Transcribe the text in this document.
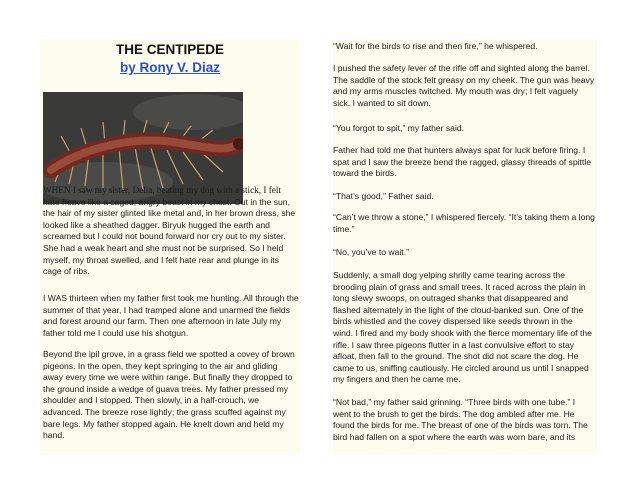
THE CENTIPEDE
by Rony V. Diaz

WHEN I saw my sister, Delia, beating my dog with a stick, I felt hate heave like a caged, angry beast in my chest. Out in the sun, the hair of my sister glinted like metal and, in her brown dress, she looked like a sheathed dagger. Biryuk hugged the earth and screamed but I could not bound forward nor cry out to my sister. She had a weak heart and she must not be surprised. So I held myself, my throat swelled, and I felt hate rear and plunge in its cage of ribs.

I WAS thirteen when my father first took me hunting. All through the summer of that year, I had tramped alone and unarmed the fields and forest around our farm. Then one afternoon in late July my father told me I could use his shotgun.

Beyond the ipil grove, in a grass field we spotted a covey of brown pigeons. In the open, they kept springing to the air and gliding away every time we were within range. But finally they dropped to the ground inside a wedge of guava trees. My father pressed my shoulder and I stopped. Then slowly, in a half-crouch, we advanced. The breeze rose lightly; the grass scuffed against my bare legs. My father stopped again. He knelt down and held my hand.

“Wait for the birds to rise and then fire,” he whispered.

I pushed the safety lever of the rifle off and sighted along the barrel. The saddle of the stock felt greasy on my cheek. The gun was heavy and my arms muscles twitched. My mouth was dry; I felt vaguely sick. I wanted to sit down.

“You forgot to spit,” my father said.

Father had told me that hunters always spat for luck before firing. I spat and I saw the breeze bend the ragged, glassy threads of spittle toward the birds.

“That’s good,” Father said.

“Can’t we throw a stone,” I whispered fiercely. “It’s taking them a long time.”

“No, you’ve to wait.”

Suddenly, a small dog yelping shrilly came tearing across the brooding plain of grass and small trees. It raced across the plain in long slewy swoops, on outraged shanks that disappeared and flashed alternately in the light of the cloud-banked sun. One of the birds whistled and the covey dispersed like seeds thrown in the wind. I fired and my body shook with the fierce momentary life of the rifle. I saw three pigeons flutter in a last convulsive effort to stay afloat, then fall to the ground. The shot did not scare the dog. He came to us, sniffing cautiously. He circled around us until I snapped my fingers and then he came me.

“Not bad,” my father said grinning. “Three birds with one tube.” I went to the brush to get the birds. The dog ambled after me. He found the birds for me. The breast of one of the birds was torn. The bird had fallen on a spot where the earth was worn bare, and its
